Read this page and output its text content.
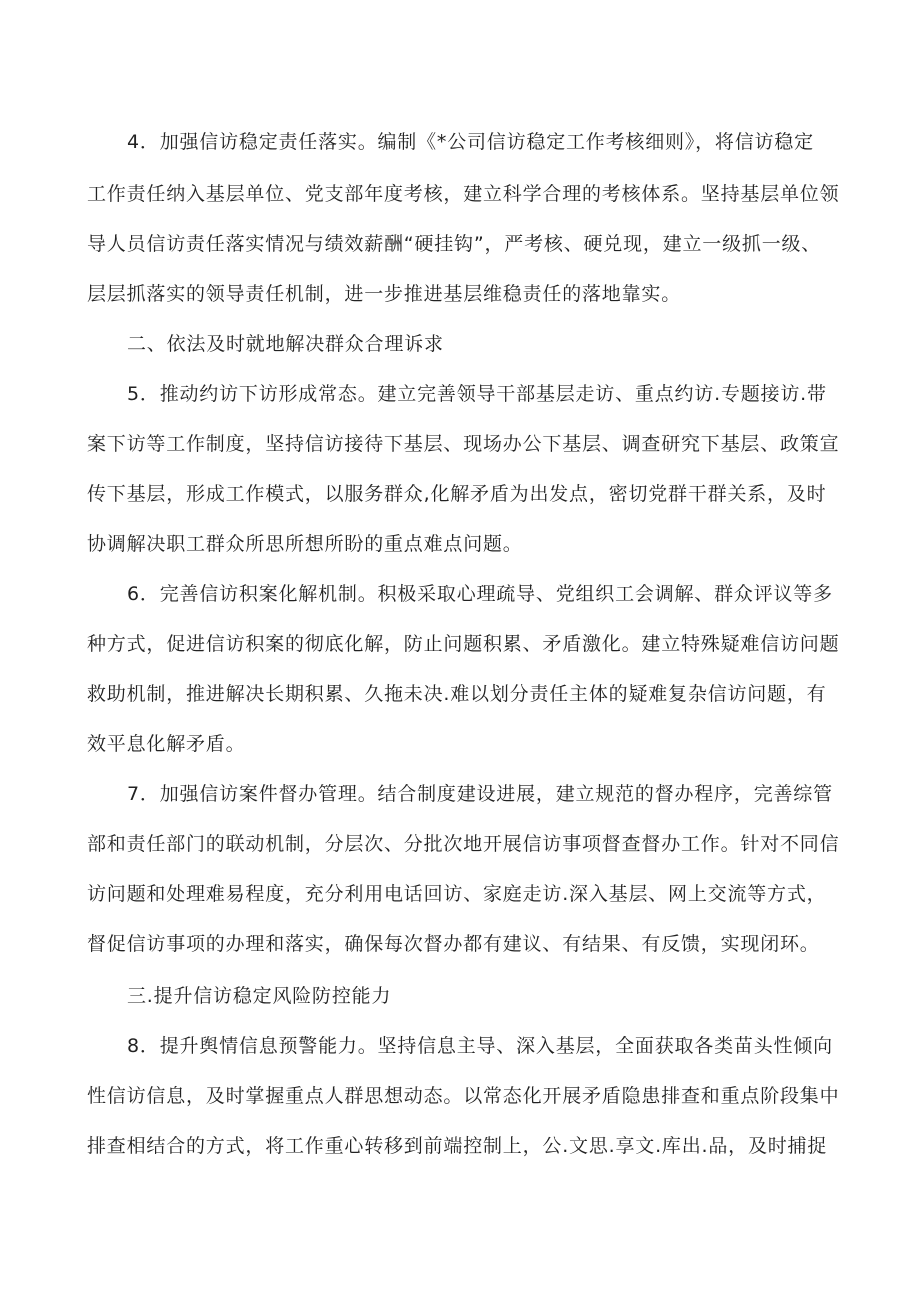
4．加强信访稳定责任落实。编制《*公司信访稳定工作考核细则》，将信访稳定
工作责任纳入基层单位、党支部年度考核，建立科学合理的考核体系。坚持基层单位领
导人员信访责任落实情况与绩效薪酬“硬挂钩”，严考核、硬兑现，建立一级抓一级、
层层抓落实的领导责任机制，进一步推进基层维稳责任的落地靠实。
二、依法及时就地解决群众合理诉求
5．推动约访下访形成常态。建立完善领导干部基层走访、重点约访.专题接访.带
案下访等工作制度，坚持信访接待下基层、现场办公下基层、调查研究下基层、政策宣
传下基层，形成工作模式，以服务群众,化解矛盾为出发点，密切党群干群关系，及时
协调解决职工群众所思所想所盼的重点难点问题。
6．完善信访积案化解机制。积极采取心理疏导、党组织工会调解、群众评议等多
种方式，促进信访积案的彻底化解，防止问题积累、矛盾激化。建立特殊疑难信访问题
救助机制，推进解决长期积累、久拖未决.难以划分责任主体的疑难复杂信访问题，有
效平息化解矛盾。
7．加强信访案件督办管理。结合制度建设进展，建立规范的督办程序，完善综管
部和责任部门的联动机制，分层次、分批次地开展信访事项督查督办工作。针对不同信
访问题和处理难易程度，充分利用电话回访、家庭走访.深入基层、网上交流等方式，
督促信访事项的办理和落实，确保每次督办都有建议、有结果、有反馈，实现闭环。
三.提升信访稳定风险防控能力
8．提升舆情信息预警能力。坚持信息主导、深入基层，全面获取各类苗头性倾向
性信访信息，及时掌握重点人群思想动态。以常态化开展矛盾隐患排查和重点阶段集中
排查相结合的方式，将工作重心转移到前端控制上，公.文思.享文.库出.品，及时捕捉
